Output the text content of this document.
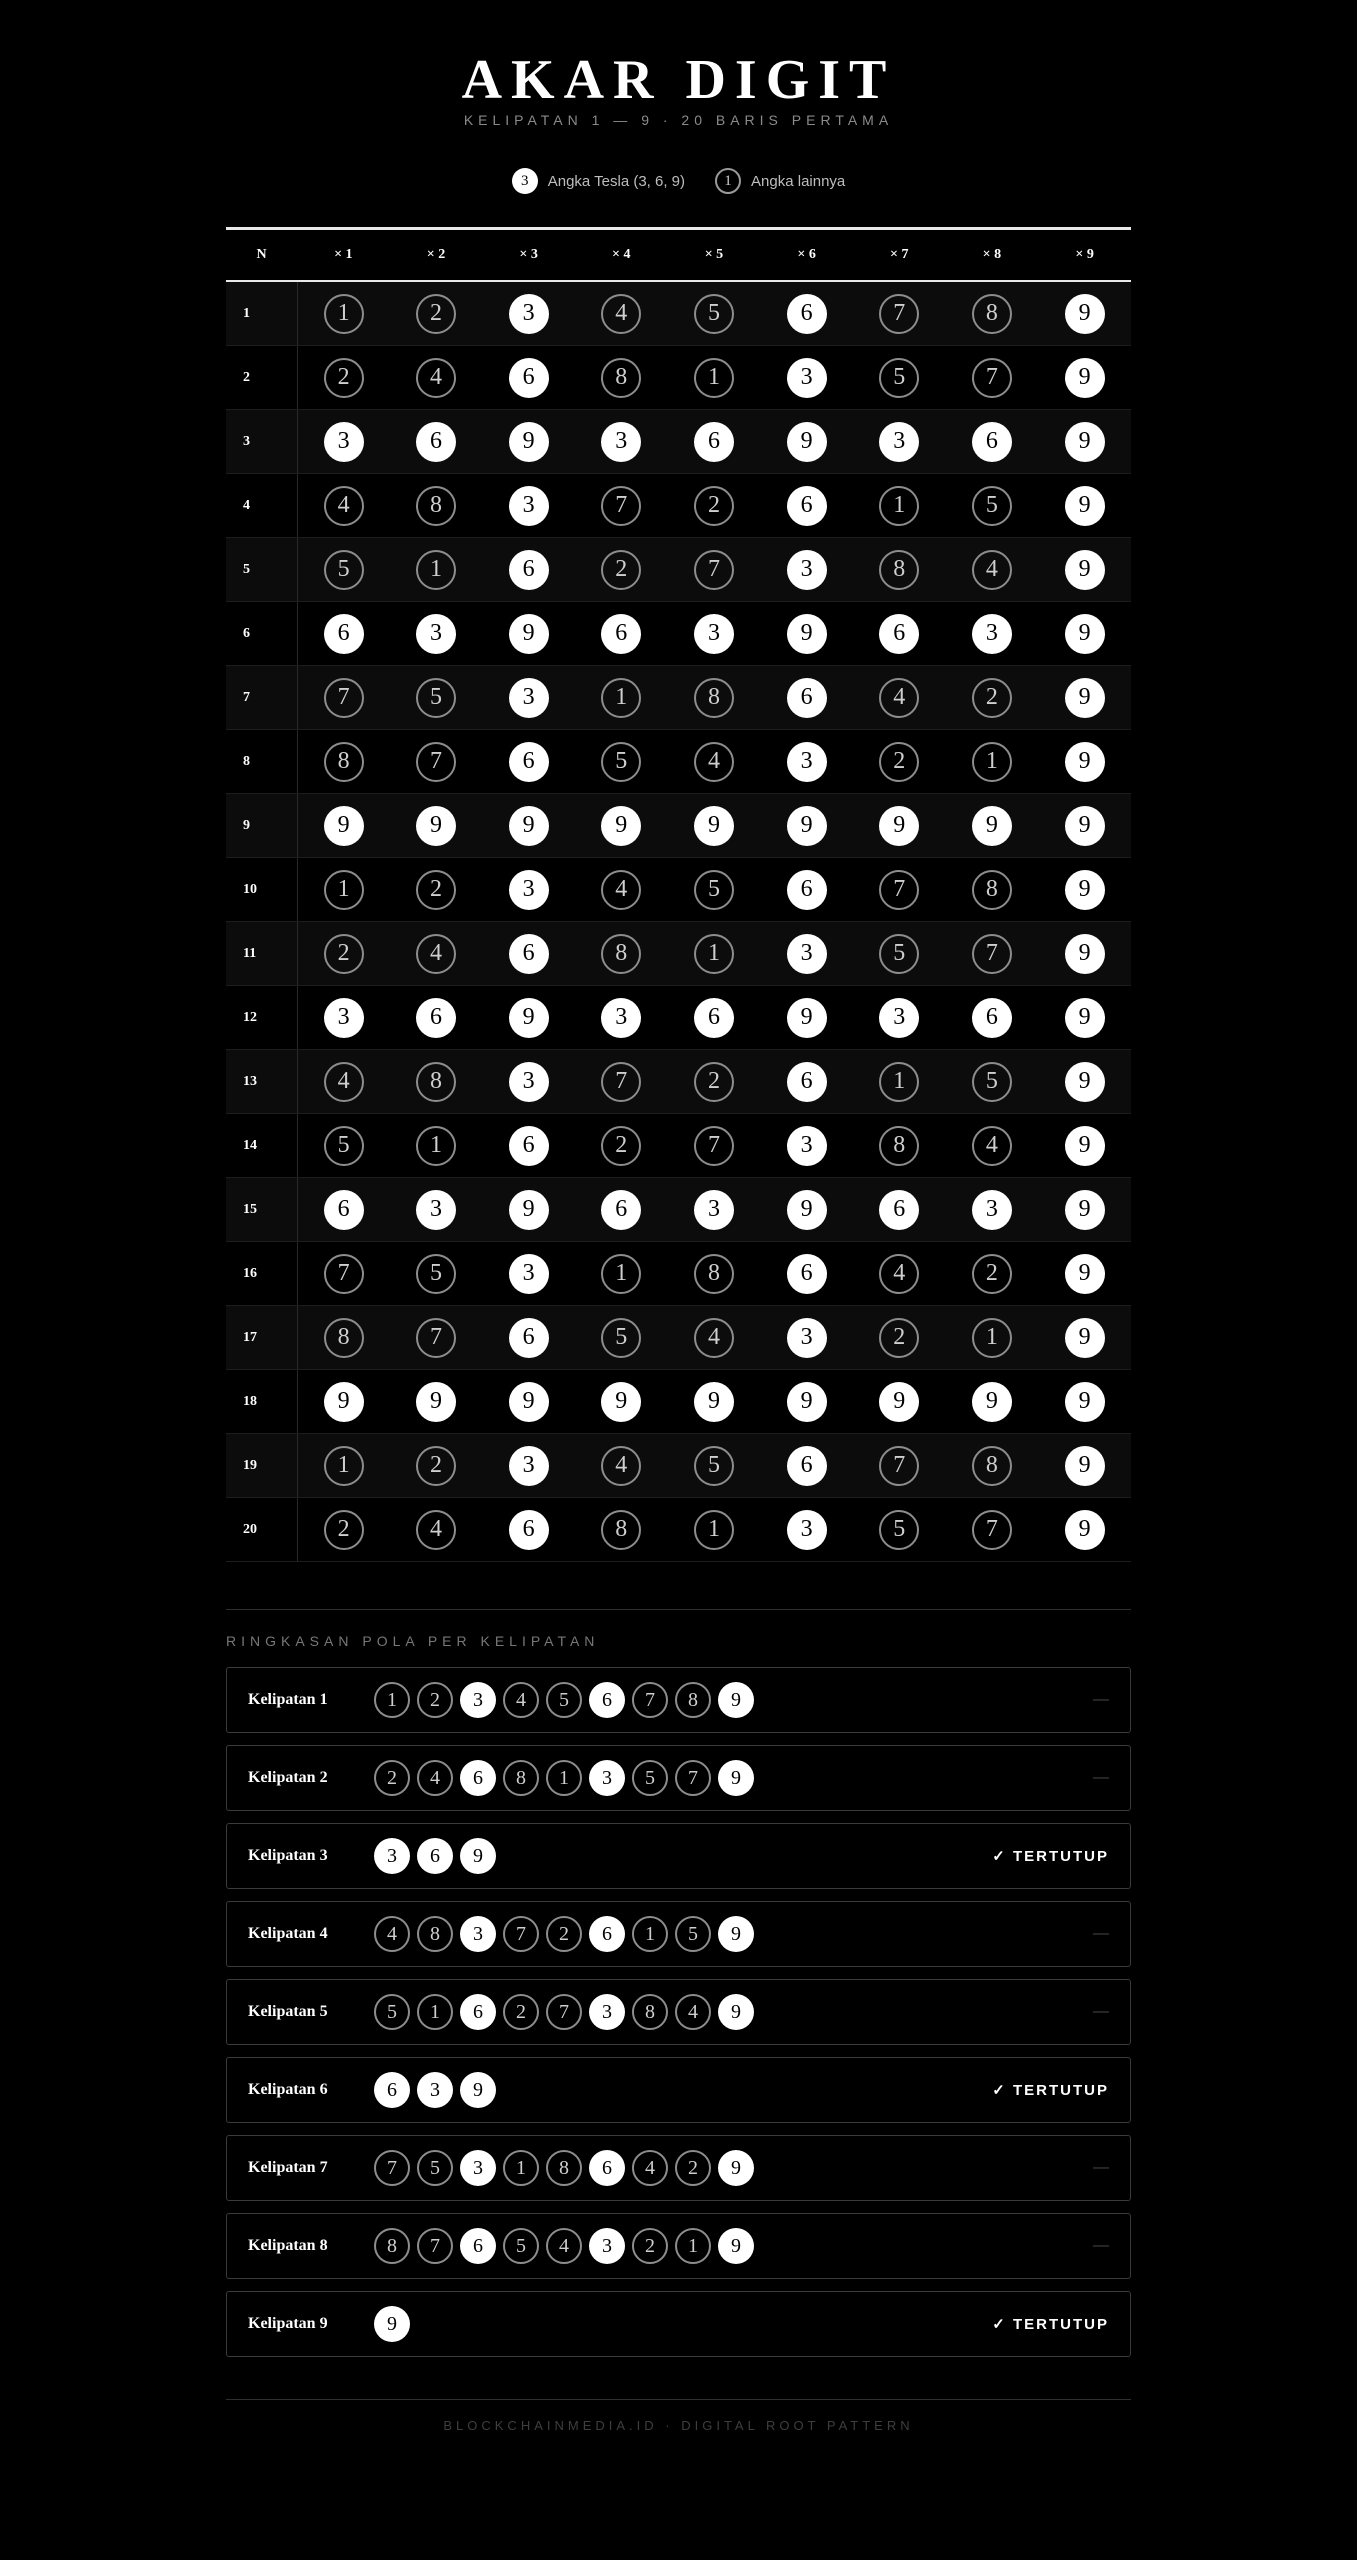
AKAR DIGIT
KELIPATAN 1 — 9 · 20 BARIS PERTAMA
3	Angka Tesla (3, 6, 9)	1	Angka lainnya
N	× 1	× 2	× 3	× 4	× 5	× 6	× 7	× 8	× 9
1	1	2	3	4	5	6	7	8	9
2	2	4	6	8	1	3	5	7	9
3	3	6	9	3	6	9	3	6	9
4	4	8	3	7	2	6	1	5	9
5	5	1	6	2	7	3	8	4	9
6	6	3	9	6	3	9	6	3	9
7	7	5	3	1	8	6	4	2	9
8	8	7	6	5	4	3	2	1	9
9	9	9	9	9	9	9	9	9	9
10	1	2	3	4	5	6	7	8	9
11	2	4	6	8	1	3	5	7	9
12	3	6	9	3	6	9	3	6	9
13	4	8	3	7	2	6	1	5	9
14	5	1	6	2	7	3	8	4	9
15	6	3	9	6	3	9	6	3	9
16	7	5	3	1	8	6	4	2	9
17	8	7	6	5	4	3	2	1	9
18	9	9	9	9	9	9	9	9	9
19	1	2	3	4	5	6	7	8	9
20	2	4	6	8	1	3	5	7	9
RINGKASAN POLA PER KELIPATAN
Kelipatan 1	1	2	3	4	5	6	7	8	9	—
Kelipatan 2	2	4	6	8	1	3	5	7	9	—
Kelipatan 3	3	6	9	✓ TERTUTUP
Kelipatan 4	4	8	3	7	2	6	1	5	9	—
Kelipatan 5	5	1	6	2	7	3	8	4	9	—
Kelipatan 6	6	3	9	✓ TERTUTUP
Kelipatan 7	7	5	3	1	8	6	4	2	9	—
Kelipatan 8	8	7	6	5	4	3	2	1	9	—
Kelipatan 9	9	✓ TERTUTUP
BLOCKCHAINMEDIA.ID · DIGITAL ROOT PATTERN
